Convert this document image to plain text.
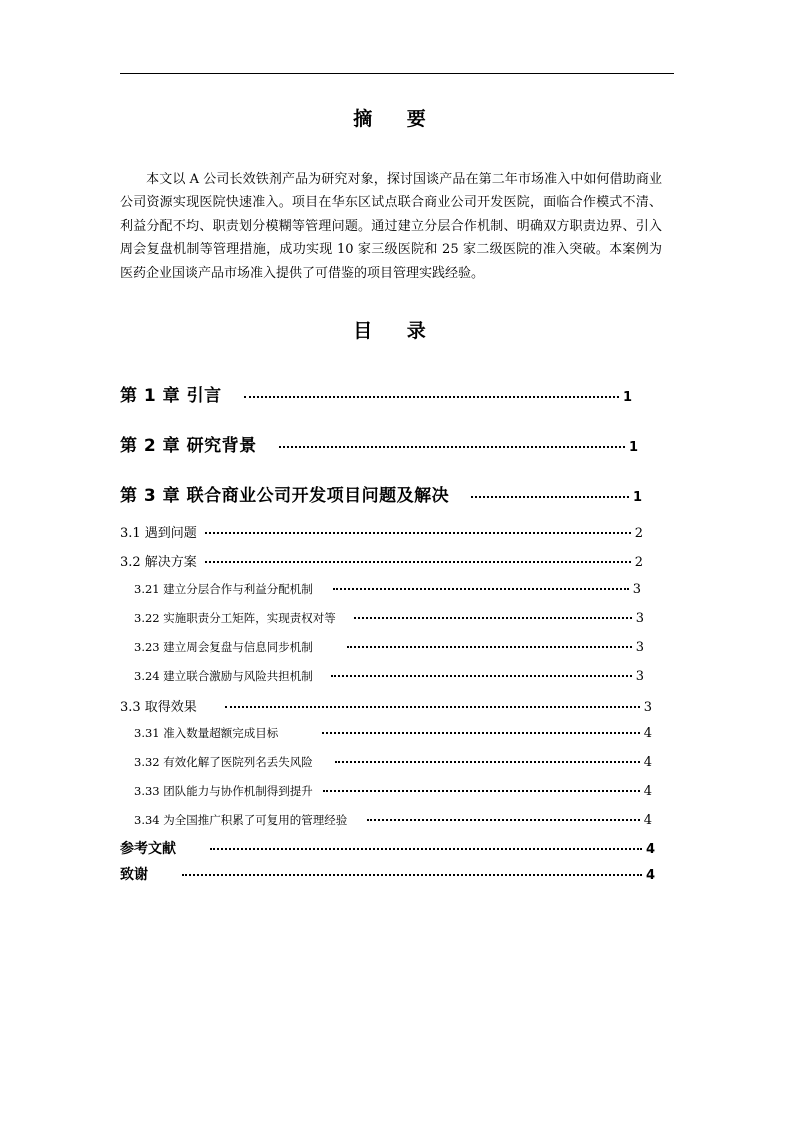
摘 要
本文以 A 公司长效铁剂产品为研究对象，探讨国谈产品在第二年市场准入中如何借助商业公司资源实现医院快速准入。项目在华东区试点联合商业公司开发医院，面临合作模式不清、利益分配不均、职责划分模糊等管理问题。通过建立分层合作机制、明确双方职责边界、引入周会复盘机制等管理措施，成功实现 10 家三级医院和 25 家二级医院的准入突破。本案例为医药企业国谈产品市场准入提供了可借鉴的项目管理实践经验。
目 录
第 1 章 引言	1
第 2 章 研究背景	1
第 3 章 联合商业公司开发项目问题及解决	1
3.1 遇到问题	2
3.2 解决方案	2
3.21 建立分层合作与利益分配机制	3
3.22 实施职责分工矩阵，实现责权对等	3
3.23 建立周会复盘与信息同步机制	3
3.24 建立联合激励与风险共担机制	3
3.3 取得效果	3
3.31 准入数量超额完成目标	4
3.32 有效化解了医院列名丢失风险	4
3.33 团队能力与协作机制得到提升	4
3.34 为全国推广积累了可复用的管理经验	4
参考文献	4
致谢	4
